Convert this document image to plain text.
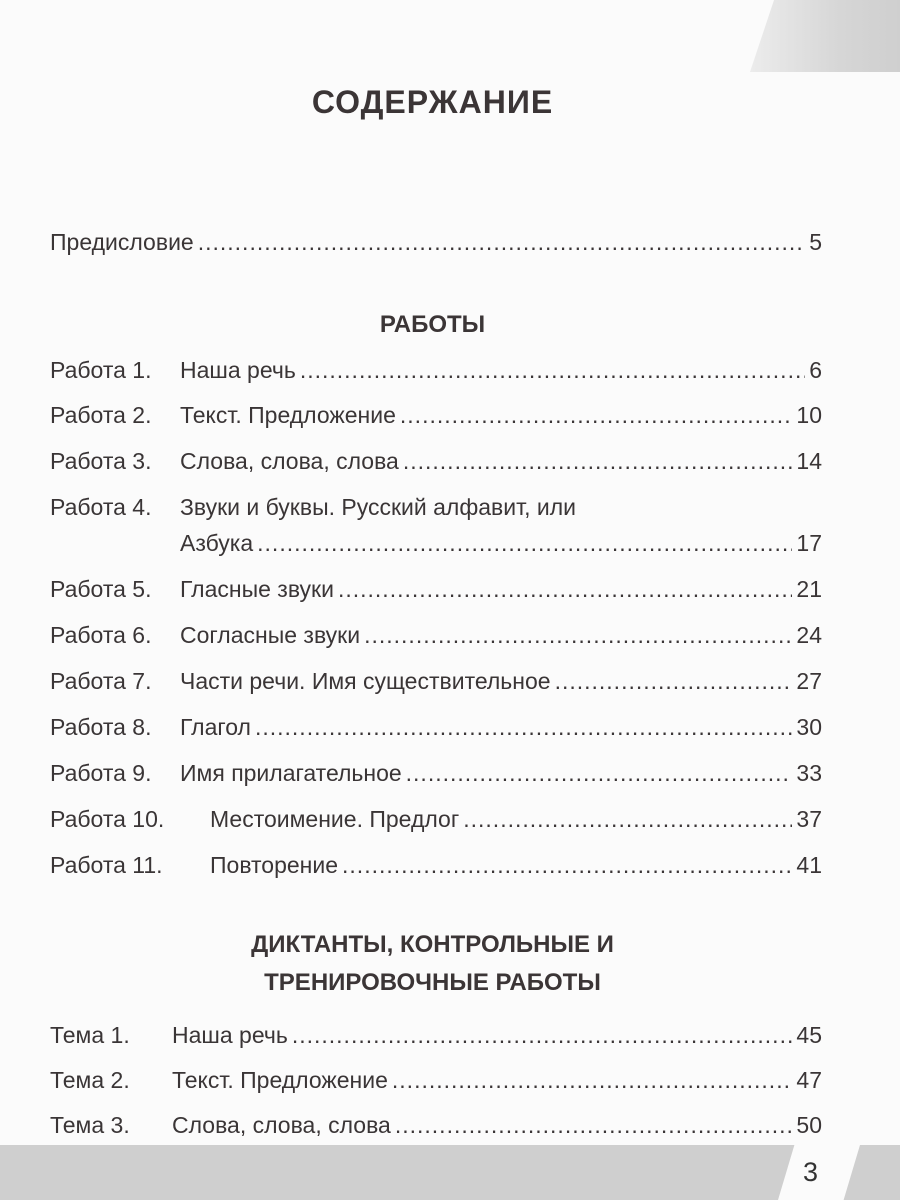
СОДЕРЖАНИЕ
Предисловие .....	5
РАБОТЫ
Работа 1.	Наша речь .....	6
Работа 2.	Текст. Предложение .....	10
Работа 3.	Слова, слова, слова .....	14
Работа 4.	Звуки и буквы. Русский алфавит, или
Азбука .....	17
Работа 5.	Гласные звуки .....	21
Работа 6.	Согласные звуки .....	24
Работа 7.	Части речи. Имя существительное .....	27
Работа 8.	Глагол .....	30
Работа 9.	Имя прилагательное .....	33
Работа 10.	Местоимение. Предлог .....	37
Работа 11.	Повторение .....	41
ДИКТАНТЫ, КОНТРОЛЬНЫЕ И
ТРЕНИРОВОЧНЫЕ РАБОТЫ
Тема 1.	Наша речь .....	45
Тема 2.	Текст. Предложение .....	47
Тема 3.	Слова, слова, слова .....	50
3
